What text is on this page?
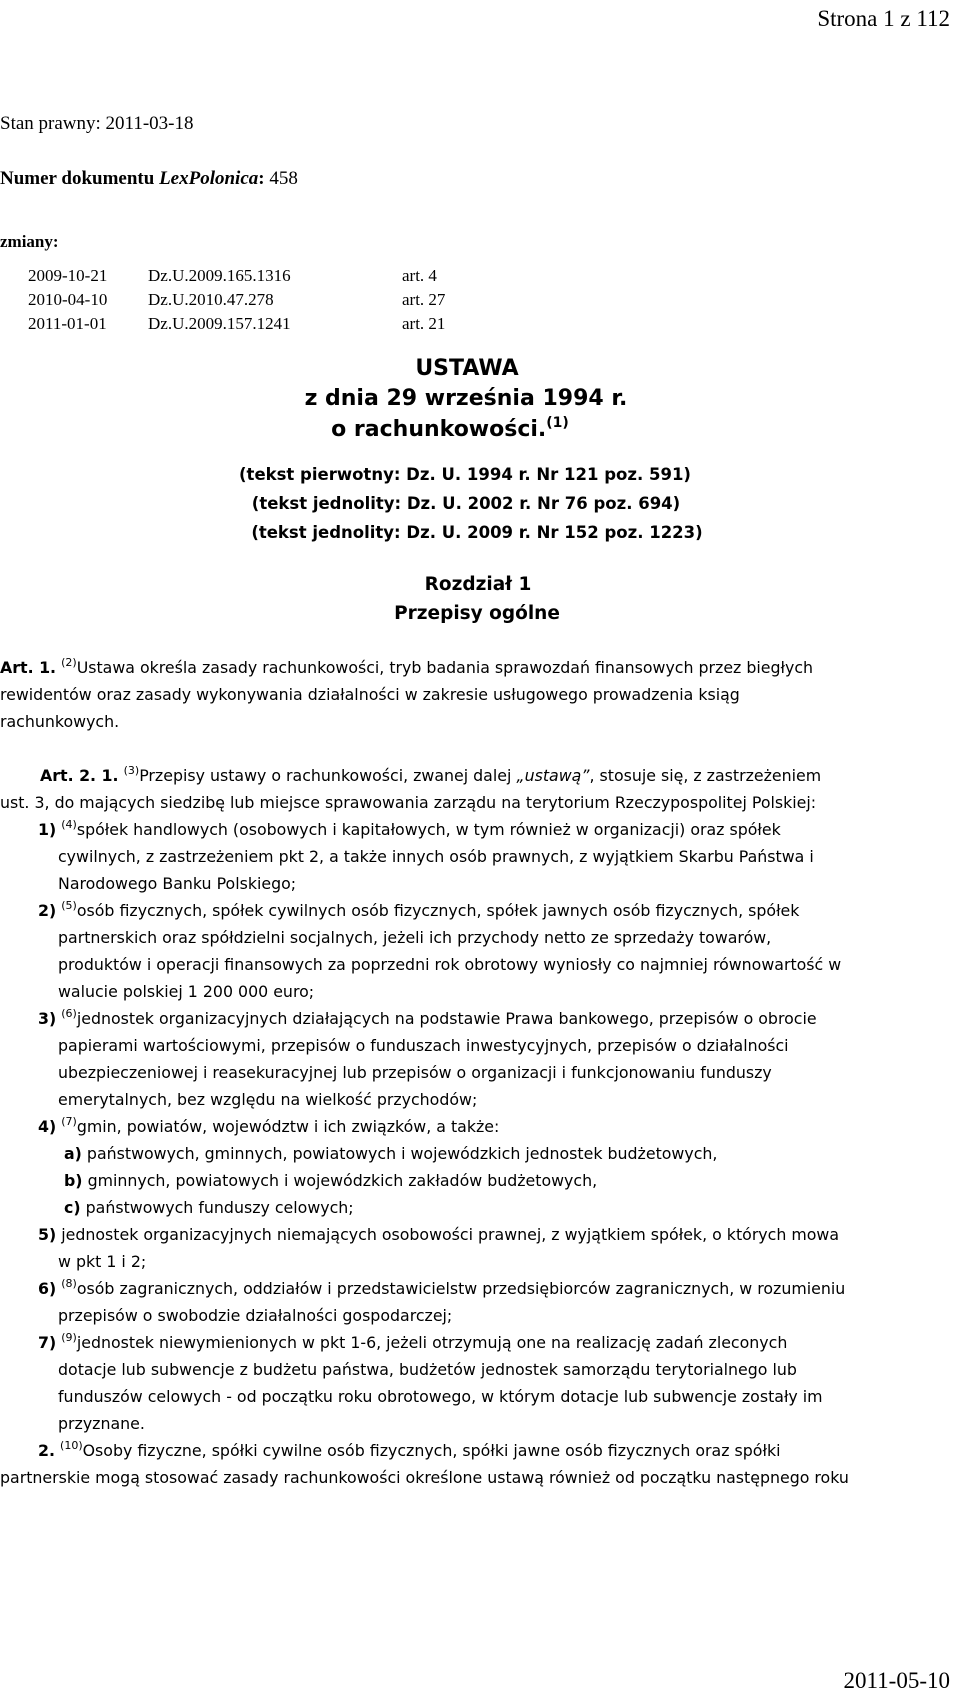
Strona 1 z 112
Stan prawny: 2011-03-18
Numer dokumentu LexPolonica: 458
zmiany:
2009-10-21	Dz.U.2009.165.1316	art. 4
2010-04-10	Dz.U.2010.47.278	art. 27
2011-01-01	Dz.U.2009.157.1241	art. 21
USTAWA
z dnia 29 września 1994 r.
o rachunkowości.$^{(1)}$
(tekst pierwotny: Dz. U. 1994 r. Nr 121 poz. 591)
(tekst jednolity: Dz. U. 2002 r. Nr 76 poz. 694)
(tekst jednolity: Dz. U. 2009 r. Nr 152 poz. 1223)
Rozdział 1
Przepisy ogólne
Art. 1. $^{(2)}$Ustawa określa zasady rachunkowości, tryb badania sprawozdań finansowych przez biegłych
rewidentów oraz zasady wykonywania działalności w zakresie usługowego prowadzenia ksiąg
rachunkowych.
Art. 2. 1. $^{(3)}$Przepisy ustawy o rachunkowości, zwanej dalej „ustawą”, stosuje się, z zastrzeżeniem
ust. 3, do mających siedzibę lub miejsce sprawowania zarządu na terytorium Rzeczypospolitej Polskiej:
1) $^{(4)}$spółek handlowych (osobowych i kapitałowych, w tym również w organizacji) oraz spółek
cywilnych, z zastrzeżeniem pkt 2, a także innych osób prawnych, z wyjątkiem Skarbu Państwa i
Narodowego Banku Polskiego;
2) $^{(5)}$osób fizycznych, spółek cywilnych osób fizycznych, spółek jawnych osób fizycznych, spółek
partnerskich oraz spółdzielni socjalnych, jeżeli ich przychody netto ze sprzedaży towarów,
produktów i operacji finansowych za poprzedni rok obrotowy wyniosły co najmniej równowartość w
walucie polskiej 1 200 000 euro;
3) $^{(6)}$jednostek organizacyjnych działających na podstawie Prawa bankowego, przepisów o obrocie
papierami wartościowymi, przepisów o funduszach inwestycyjnych, przepisów o działalności
ubezpieczeniowej i reasekuracyjnej lub przepisów o organizacji i funkcjonowaniu funduszy
emerytalnych, bez względu na wielkość przychodów;
4) $^{(7)}$gmin, powiatów, województw i ich związków, a także:
a) państwowych, gminnych, powiatowych i wojewódzkich jednostek budżetowych,
b) gminnych, powiatowych i wojewódzkich zakładów budżetowych,
c) państwowych funduszy celowych;
5) jednostek organizacyjnych niemających osobowości prawnej, z wyjątkiem spółek, o których mowa
w pkt 1 i 2;
6) $^{(8)}$osób zagranicznych, oddziałów i przedstawicielstw przedsiębiorców zagranicznych, w rozumieniu
przepisów o swobodzie działalności gospodarczej;
7) $^{(9)}$jednostek niewymienionych w pkt 1-6, jeżeli otrzymują one na realizację zadań zleconych
dotacje lub subwencje z budżetu państwa, budżetów jednostek samorządu terytorialnego lub
funduszów celowych - od początku roku obrotowego, w którym dotacje lub subwencje zostały im
przyznane.
2. $^{(10)}$Osoby fizyczne, spółki cywilne osób fizycznych, spółki jawne osób fizycznych oraz spółki
partnerskie mogą stosować zasady rachunkowości określone ustawą również od początku następnego roku
2011-05-10
